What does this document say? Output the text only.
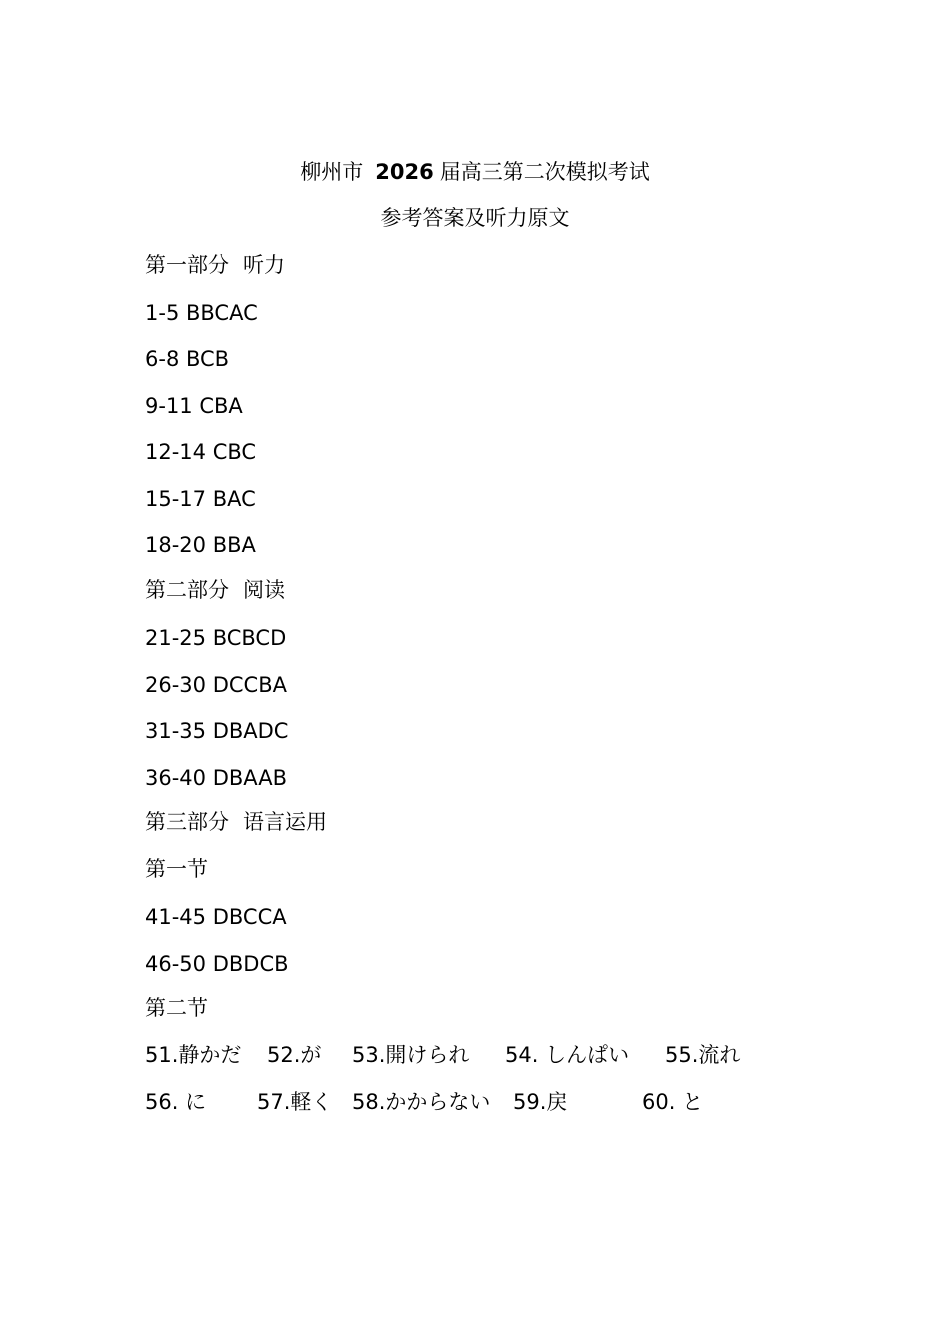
柳州市 2026 届高三第二次模拟考试
参考答案及听力原文
第一部分 听力
1-5 BBCAC
6-8 BCB
9-11 CBA
12-14 CBC
15-17 BAC
18-20 BBA
第二部分 阅读
21-25 BCBCD
26-30 DCCBA
31-35 DBADC
36-40 DBAAB
第三部分 语言运用
第一节
41-45 DBCCA
46-50 DBDCB
第二节
51.静かだ 52.が 53.開けられ 54. しんぱい 55.流れ
56. に 57.軽く 58.かからない 59.戻	60. と
